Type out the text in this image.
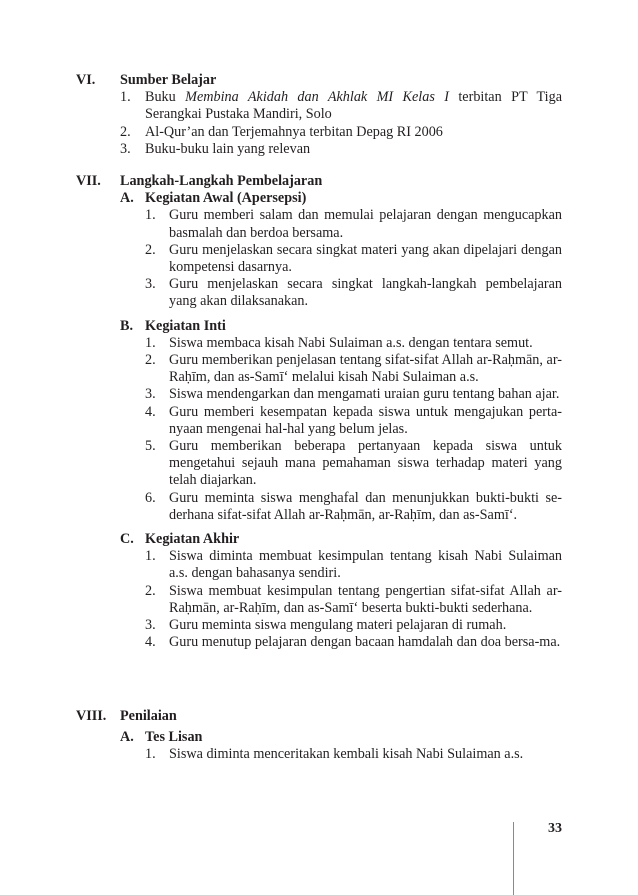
VI.	Sumber Belajar
1.	Buku Membina Akidah dan Akhlak MI Kelas I terbitan PT Tiga Serangkai Pustaka Mandiri, Solo
2.	Al-Qur’an dan Terjemahnya terbitan Depag RI 2006
3.	Buku-buku lain yang relevan
VII.	Langkah-Langkah Pembelajaran
A. Kegiatan Awal (Apersepsi)
1. Guru memberi salam dan memulai pelajaran dengan mengucapkan basmalah dan berdoa bersama.
2. Guru menjelaskan secara singkat materi yang akan dipelajari dengan kompetensi dasarnya.
3. Guru menjelaskan secara singkat langkah-langkah pembelajaran yang akan dilaksanakan.
B. Kegiatan Inti
1. Siswa membaca kisah Nabi Sulaiman a.s. dengan tentara semut.
2. Guru memberikan penjelasan tentang sifat-sifat Allah ar-Raḥmān, ar-Raḥīm, dan as-Samī‘ melalui kisah Nabi Sulaiman a.s.
3. Siswa mendengarkan dan mengamati uraian guru tentang bahan ajar.
4. Guru memberi kesempatan kepada siswa untuk mengajukan perta-nyaan mengenai hal-hal yang belum jelas.
5. Guru memberikan beberapa pertanyaan kepada siswa untuk mengetahui sejauh mana pemahaman siswa terhadap materi yang telah diajarkan.
6. Guru meminta siswa menghafal dan menunjukkan bukti-bukti se-derhana sifat-sifat Allah ar-Raḥmān, ar-Raḥīm, dan as-Samī‘.
C. Kegiatan Akhir
1. Siswa diminta membuat kesimpulan tentang kisah Nabi Sulaiman a.s. dengan bahasanya sendiri.
2. Siswa membuat kesimpulan tentang pengertian sifat-sifat Allah ar-Raḥmān, ar-Raḥīm, dan as-Samī‘ beserta bukti-bukti sederhana.
3. Guru meminta siswa mengulang materi pelajaran di rumah.
4. Guru menutup pelajaran dengan bacaan hamdalah dan doa bersa-ma.
VIII. Penilaian
A. Tes Lisan
1. Siswa diminta menceritakan kembali kisah Nabi Sulaiman a.s.
33
